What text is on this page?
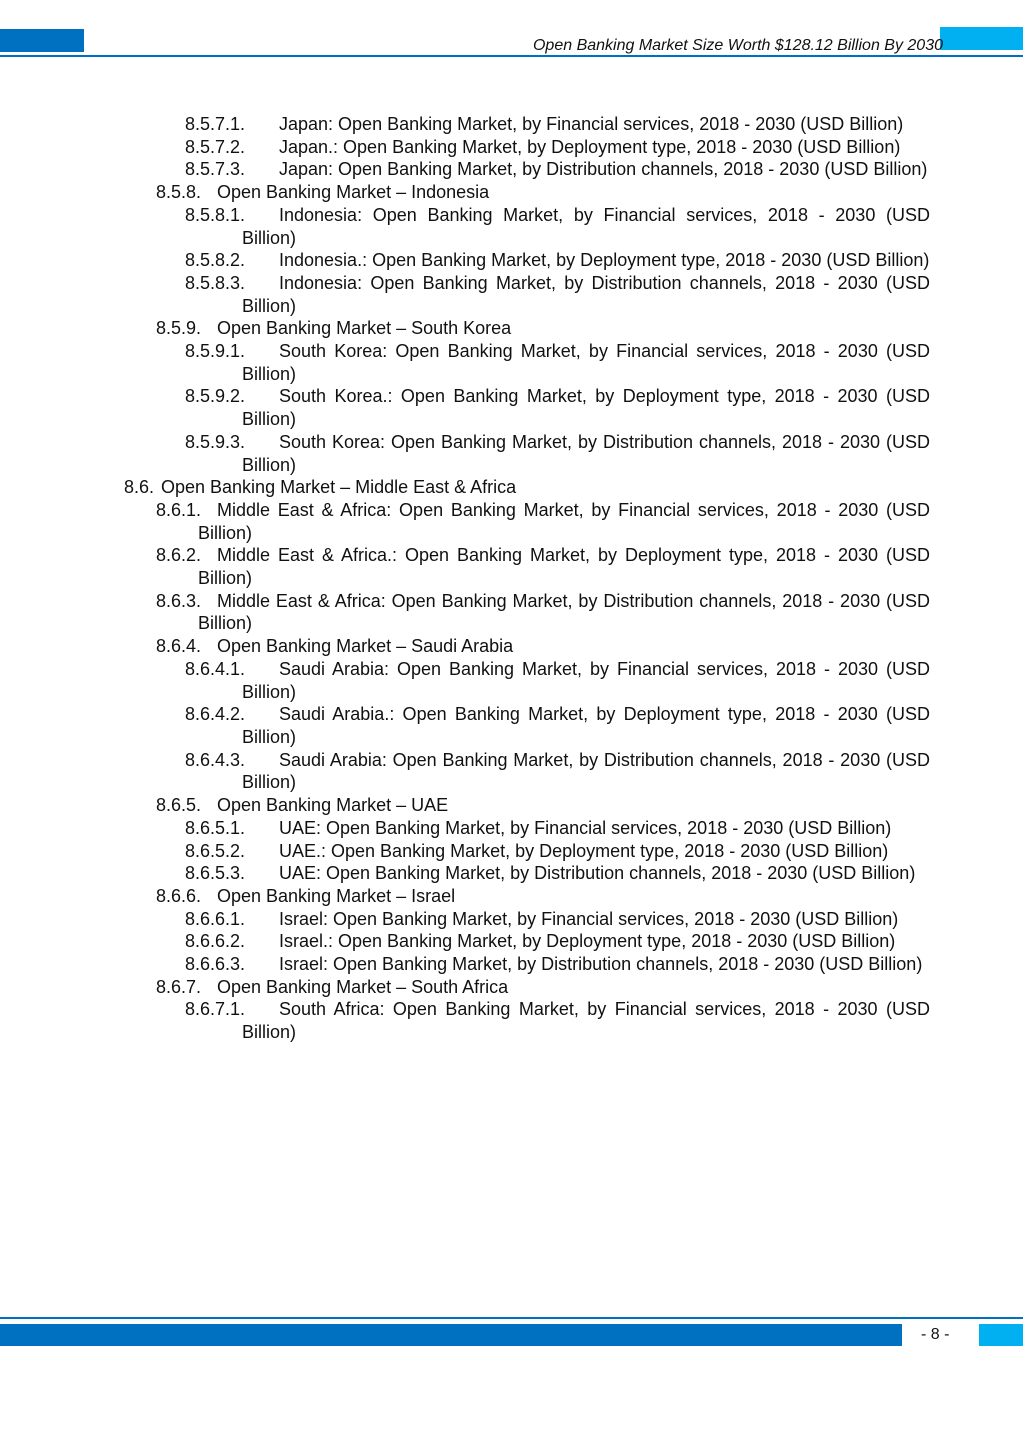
Open Banking Market Size Worth $128.12 Billion By 2030
8.5.7.1. Japan: Open Banking Market, by Financial services, 2018 - 2030 (USD Billion)
8.5.7.2. Japan.: Open Banking Market, by Deployment type, 2018 - 2030 (USD Billion)
8.5.7.3. Japan: Open Banking Market, by Distribution channels, 2018 - 2030 (USD Billion)
8.5.8. Open Banking Market – Indonesia
8.5.8.1. Indonesia: Open Banking Market, by Financial services, 2018 - 2030 (USD Billion)
8.5.8.2. Indonesia.: Open Banking Market, by Deployment type, 2018 - 2030 (USD Billion)
8.5.8.3. Indonesia: Open Banking Market, by Distribution channels, 2018 - 2030 (USD Billion)
8.5.9. Open Banking Market – South Korea
8.5.9.1. South Korea: Open Banking Market, by Financial services, 2018 - 2030 (USD Billion)
8.5.9.2. South Korea.: Open Banking Market, by Deployment type, 2018 - 2030 (USD Billion)
8.5.9.3. South Korea: Open Banking Market, by Distribution channels, 2018 - 2030 (USD Billion)
8.6. Open Banking Market – Middle East & Africa
8.6.1. Middle East & Africa: Open Banking Market, by Financial services, 2018 - 2030 (USD Billion)
8.6.2. Middle East & Africa.: Open Banking Market, by Deployment type, 2018 - 2030 (USD Billion)
8.6.3. Middle East & Africa: Open Banking Market, by Distribution channels, 2018 - 2030 (USD Billion)
8.6.4. Open Banking Market – Saudi Arabia
8.6.4.1. Saudi Arabia: Open Banking Market, by Financial services, 2018 - 2030 (USD Billion)
8.6.4.2. Saudi Arabia.: Open Banking Market, by Deployment type, 2018 - 2030 (USD Billion)
8.6.4.3. Saudi Arabia: Open Banking Market, by Distribution channels, 2018 - 2030 (USD Billion)
8.6.5. Open Banking Market – UAE
8.6.5.1. UAE: Open Banking Market, by Financial services, 2018 - 2030 (USD Billion)
8.6.5.2. UAE.: Open Banking Market, by Deployment type, 2018 - 2030 (USD Billion)
8.6.5.3. UAE: Open Banking Market, by Distribution channels, 2018 - 2030 (USD Billion)
8.6.6. Open Banking Market – Israel
8.6.6.1. Israel: Open Banking Market, by Financial services, 2018 - 2030 (USD Billion)
8.6.6.2. Israel.: Open Banking Market, by Deployment type, 2018 - 2030 (USD Billion)
8.6.6.3. Israel: Open Banking Market, by Distribution channels, 2018 - 2030 (USD Billion)
8.6.7. Open Banking Market – South Africa
8.6.7.1. South Africa: Open Banking Market, by Financial services, 2018 - 2030 (USD Billion)
- 8 -
